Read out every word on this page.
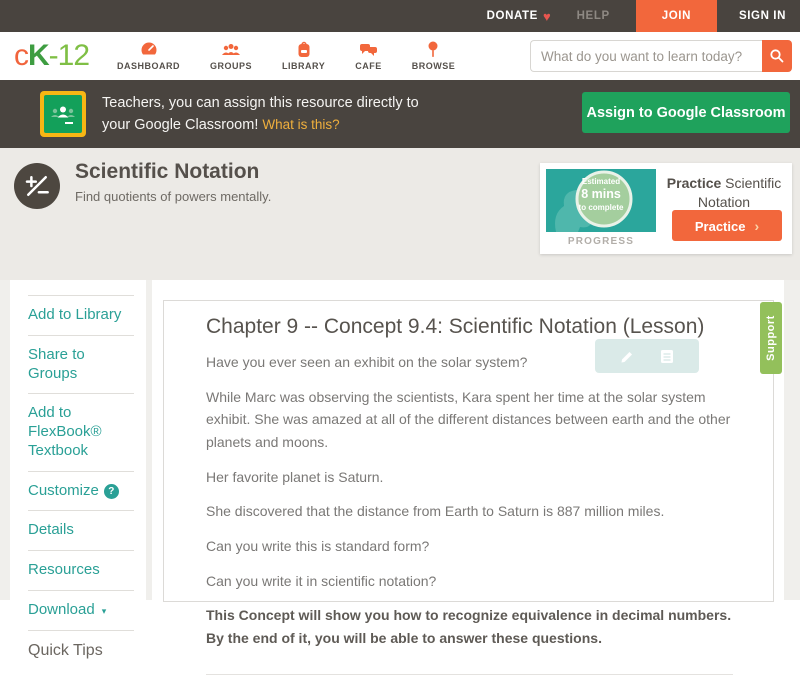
DONATE ♥ HELP	JOIN	SIGN IN
cK-12	DASHBOARD	GROUPS	LIBRARY	CAFE	BROWSE
What do you want to learn today?
Teachers, you can assign this resource directly to
your Google Classroom! What is this?
Assign to Google Classroom
Scientific Notation
Find quotients of powers mentally.
Estimated
8 mins
to complete
PROGRESS
Practice Scientific Notation
Practice ›
Add to Library
Share to Groups
Add to FlexBook® Textbook
Customize ?
Details
Resources
Download ▾
Quick Tips
Chapter 9 -- Concept 9.4: Scientific Notation (Lesson)

Have you ever seen an exhibit on the solar system?

While Marc was observing the scientists, Kara spent her time at the solar system exhibit. She was amazed at all of the different distances between earth and the other planets and moons.

Her favorite planet is Saturn.

She discovered that the distance from Earth to Saturn is 887 million miles.

Can you write this is standard form?

Can you write it in scientific notation?

This Concept will show you how to recognize equivalence in decimal numbers. By the end of it, you will be able to answer these questions.

Support
